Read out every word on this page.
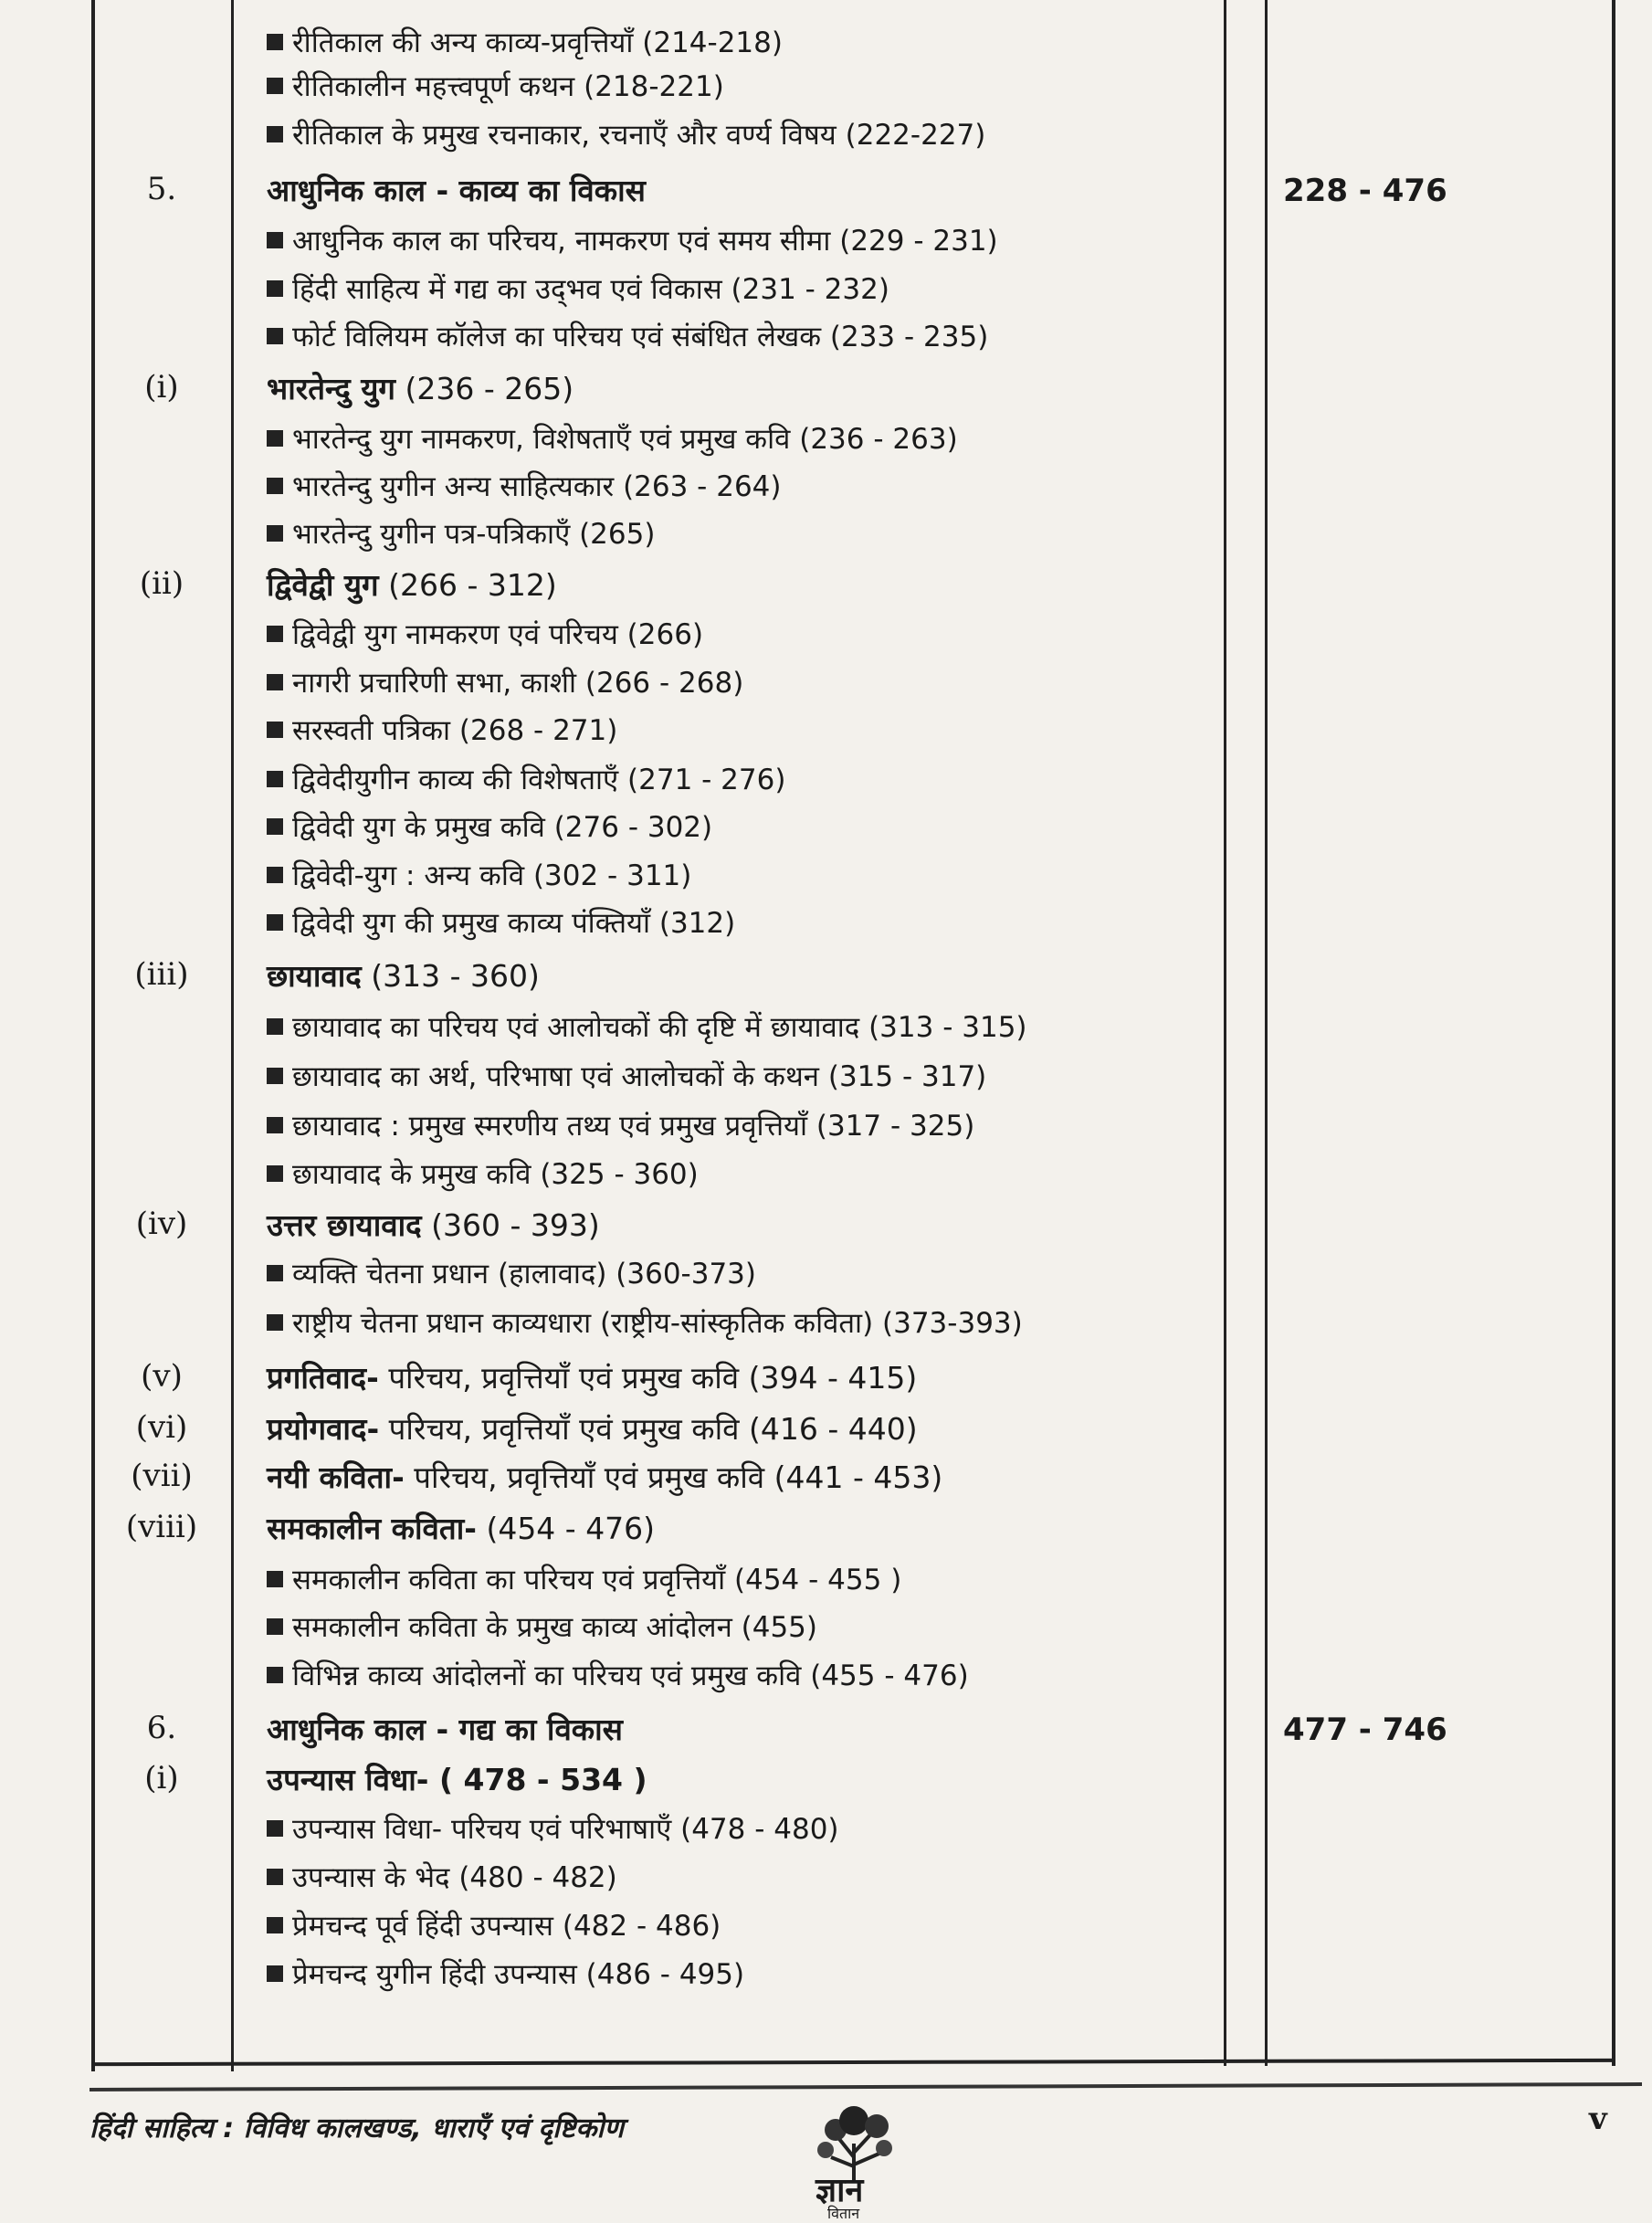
रीतिकाल की अन्य काव्य-प्रवृत्तियाँ (214-218)
रीतिकालीन महत्त्वपूर्ण कथन (218-221)
रीतिकाल के प्रमुख रचनाकार, रचनाएँ और वर्ण्य विषय (222-227)
5.	आधुनिक काल - काव्य का विकास	228 - 476
आधुनिक काल का परिचय, नामकरण एवं समय सीमा (229 - 231)
हिंदी साहित्य में गद्य का उद्‌भव एवं विकास (231 - 232)
फोर्ट विलियम कॉलेज का परिचय एवं संबंधित लेखक (233 - 235)
(i)	भारतेन्दु युग (236 - 265)
भारतेन्दु युग नामकरण, विशेषताएँ एवं प्रमुख कवि (236 - 263)
भारतेन्दु युगीन अन्य साहित्यकार (263 - 264)
भारतेन्दु युगीन पत्र-पत्रिकाएँ (265)
(ii)	द्विवेद्वी युग (266 - 312)
द्विवेद्वी युग नामकरण एवं परिचय (266)
नागरी प्रचारिणी सभा, काशी (266 - 268)
सरस्वती पत्रिका (268 - 271)
द्विवेदीयुगीन काव्य की विशेषताएँ (271 - 276)
द्विवेदी युग के प्रमुख कवि (276 - 302)
द्विवेदी-युग : अन्य कवि (302 - 311)
द्विवेदी युग की प्रमुख काव्य पंक्तियाँ (312)
(iii)	छायावाद (313 - 360)
छायावाद का परिचय एवं आलोचकों की दृष्टि में छायावाद (313 - 315)
छायावाद का अर्थ, परिभाषा एवं आलोचकों के कथन (315 - 317)
छायावाद : प्रमुख स्मरणीय तथ्य एवं प्रमुख प्रवृत्तियाँ (317 - 325)
छायावाद के प्रमुख कवि (325 - 360)
(iv)	उत्तर छायावाद (360 - 393)
व्यक्ति चेतना प्रधान (हालावाद) (360-373)
राष्ट्रीय चेतना प्रधान काव्यधारा (राष्ट्रीय-सांस्कृतिक कविता) (373-393)
(v)	प्रगतिवाद- परिचय, प्रवृत्तियाँ एवं प्रमुख कवि (394 - 415)
(vi)	प्रयोगवाद- परिचय, प्रवृत्तियाँ एवं प्रमुख कवि (416 - 440)
(vii)	नयी कविता- परिचय, प्रवृत्तियाँ एवं प्रमुख कवि (441 - 453)
(viii)	समकालीन कविता- (454 - 476)
समकालीन कविता का परिचय एवं प्रवृत्तियाँ (454 - 455 )
समकालीन कविता के प्रमुख काव्य आंदोलन (455)
विभिन्न काव्य आंदोलनों का परिचय एवं प्रमुख कवि (455 - 476)
6.	आधुनिक काल - गद्य का विकास	477 - 746
(i)	उपन्यास विधा- ( 478 - 534 )
उपन्यास विधा- परिचय एवं परिभाषाएँ (478 - 480)
उपन्यास के भेद (480 - 482)
प्रेमचन्द पूर्व हिंदी उपन्यास (482 - 486)
प्रेमचन्द युगीन हिंदी उपन्यास (486 - 495)
हिंदी साहित्य : विविध कालखण्ड, धाराएँ एवं दृष्टिकोण
ज्ञान
वितान
v
